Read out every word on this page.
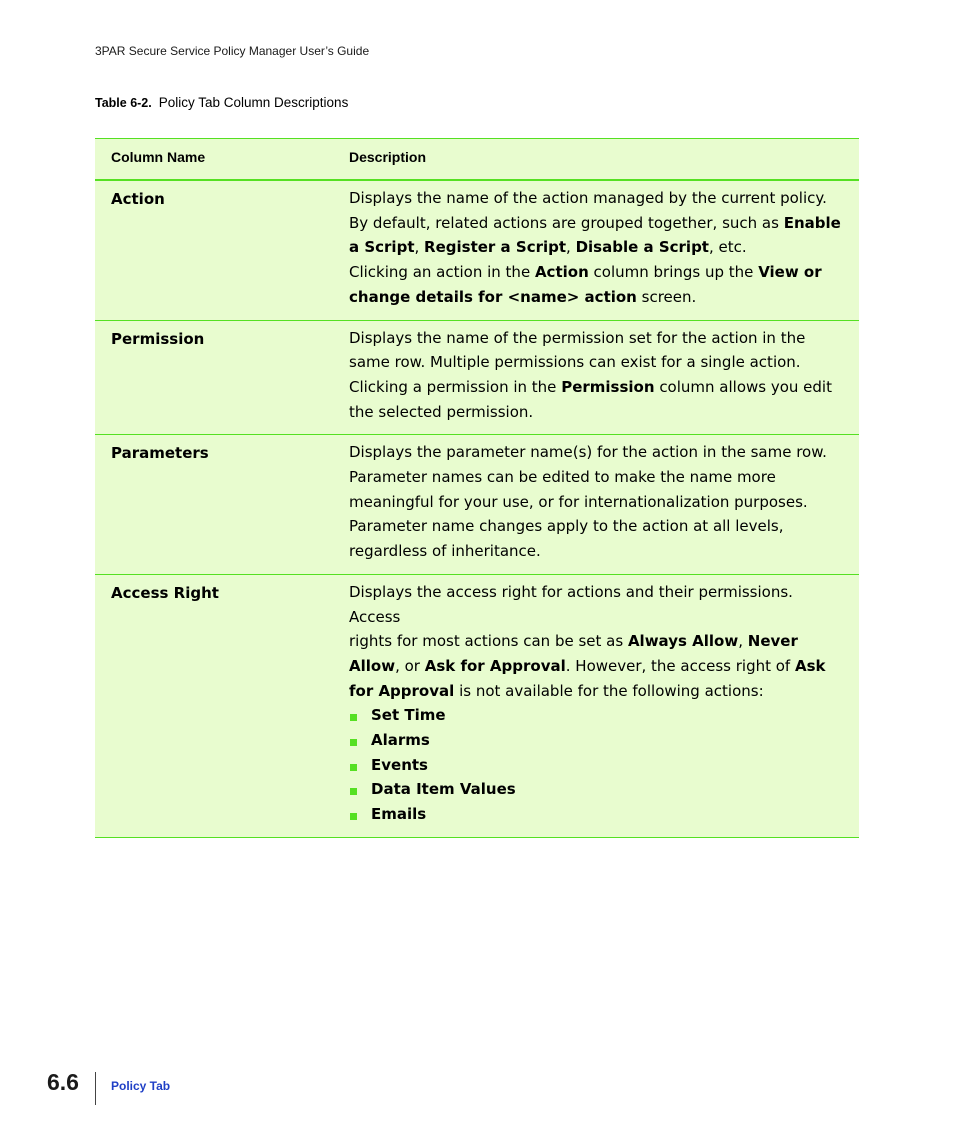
3PAR Secure Service Policy Manager User’s Guide
Table 6-2. Policy Tab Column Descriptions
Column Name	Description
Action	Displays the name of the action managed by the current policy.
By default, related actions are grouped together, such as Enable
a Script, Register a Script, Disable a Script, etc.
Clicking an action in the Action column brings up the View or
change details for <name> action screen.
Permission	Displays the name of the permission set for the action in the
same row. Multiple permissions can exist for a single action.
Clicking a permission in the Permission column allows you edit
the selected permission.
Parameters	Displays the parameter name(s) for the action in the same row.
Parameter names can be edited to make the name more
meaningful for your use, or for internationalization purposes.
Parameter name changes apply to the action at all levels,
regardless of inheritance.
Access Right	Displays the access right for actions and their permissions. Access
rights for most actions can be set as Always Allow, Never
Allow, or Ask for Approval. However, the access right of Ask
for Approval is not available for the following actions:
Set Time
Alarms
Events
Data Item Values
Emails
6.6	Policy Tab
